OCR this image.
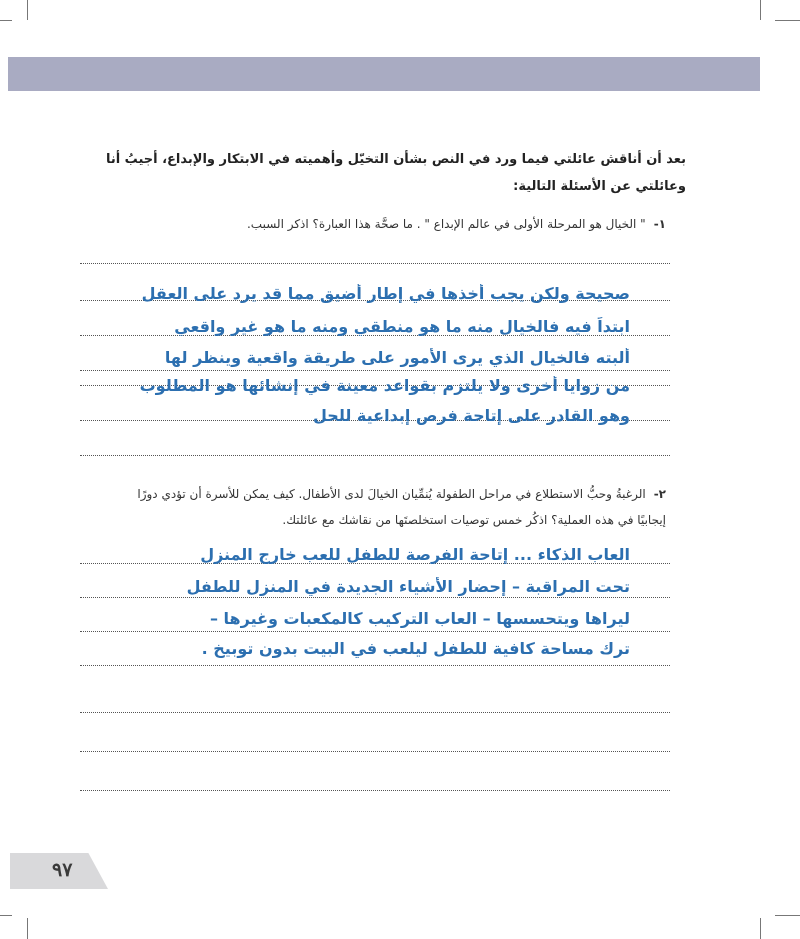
بعد أن أناقش عائلتي فيما ورد في النص بشأن التخيّل وأهميته في الابتكار والإبداع، أجيبُ أنا وعائلتي عن الأسئلة التالية:
١-" الخيال هو المرحلة الأولى في عالم الإبداع " . ما صحَّة هذا العبارة؟ اذكر السبب.
صحيحة ولكن يجب أخذها في إطار أضيق مما قد يرد على العقل
ابتداً فيه فالخيال منه ما هو منطقي ومنه ما هو غير واقعي
ألبته فالخيال الذي يرى الأمور على طريقة واقعية وينظر لها
من زوايا أخرى ولا يلتزم بقواعد معينة في إنشائها هو المطلوب
وهو القادر على إتاحة فرص إبداعية للحل
٢-الرغبةُ وحبُّ الاستطلاع في مراحل الطفولة يُنمِّيان الخيالَ لدى الأطفال. كيف يمكن للأسرة أن تؤدي دورًا
إيجابيًا في هذه العملية؟ اذكُر خمس توصيات استخلصتَها من نقاشك مع عائلتك.
العاب الذكاء ... إتاحة الفرصة للطفل للعب خارج المنزل
تحت المراقبة – إحضار الأشياء الجديدة في المنزل للطفل
ليراها ويتحسسها – العاب التركيب كالمكعبات وغيرها –
ترك مساحة كافية للطفل ليلعب في البيت بدون توبيخ .
٩٧
